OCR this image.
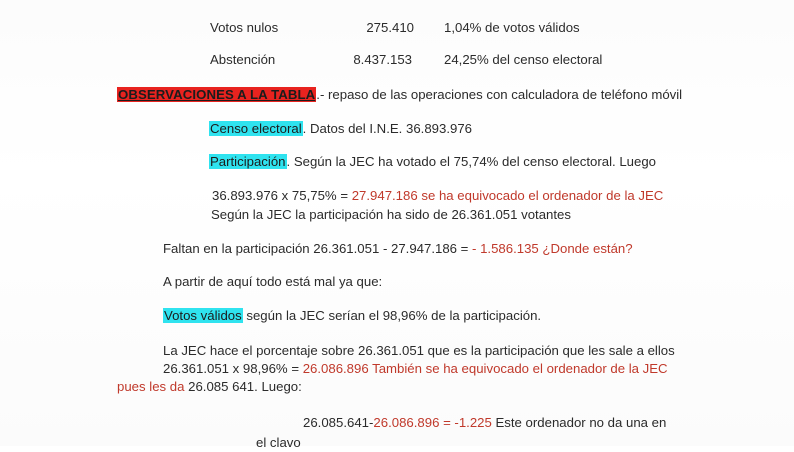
Votos nulos	275.410 1,04% de votos válidos
Abstención	8.437.153 24,25% del censo electoral
OBSERVACIONES A LA TABLA.- repaso de las operaciones con calculadora de teléfono móvil
Censo electoral. Datos del I.N.E. 36.893.976
Participación. Según la JEC ha votado el 75,74% del censo electoral. Luego
36.893.976 x 75,75% = 27.947.186 se ha equivocado el ordenador de la JEC
Según la JEC la participación ha sido de 26.361.051 votantes
Faltan en la participación 26.361.051 - 27.947.186 = - 1.586.135 ¿Donde están?
A partir de aquí todo está mal ya que:
Votos válidos según la JEC serían el 98,96% de la participación.
La JEC hace el porcentaje sobre 26.361.051 que es la participación que les sale a ellos
26.361.051 x 98,96% = 26.086.896 También se ha equivocado el ordenador de la JEC
pues les da 26.085 641. Luego:
26.085.641-26.086.896 = -1.225 Este ordenador no da una en
el clavo
